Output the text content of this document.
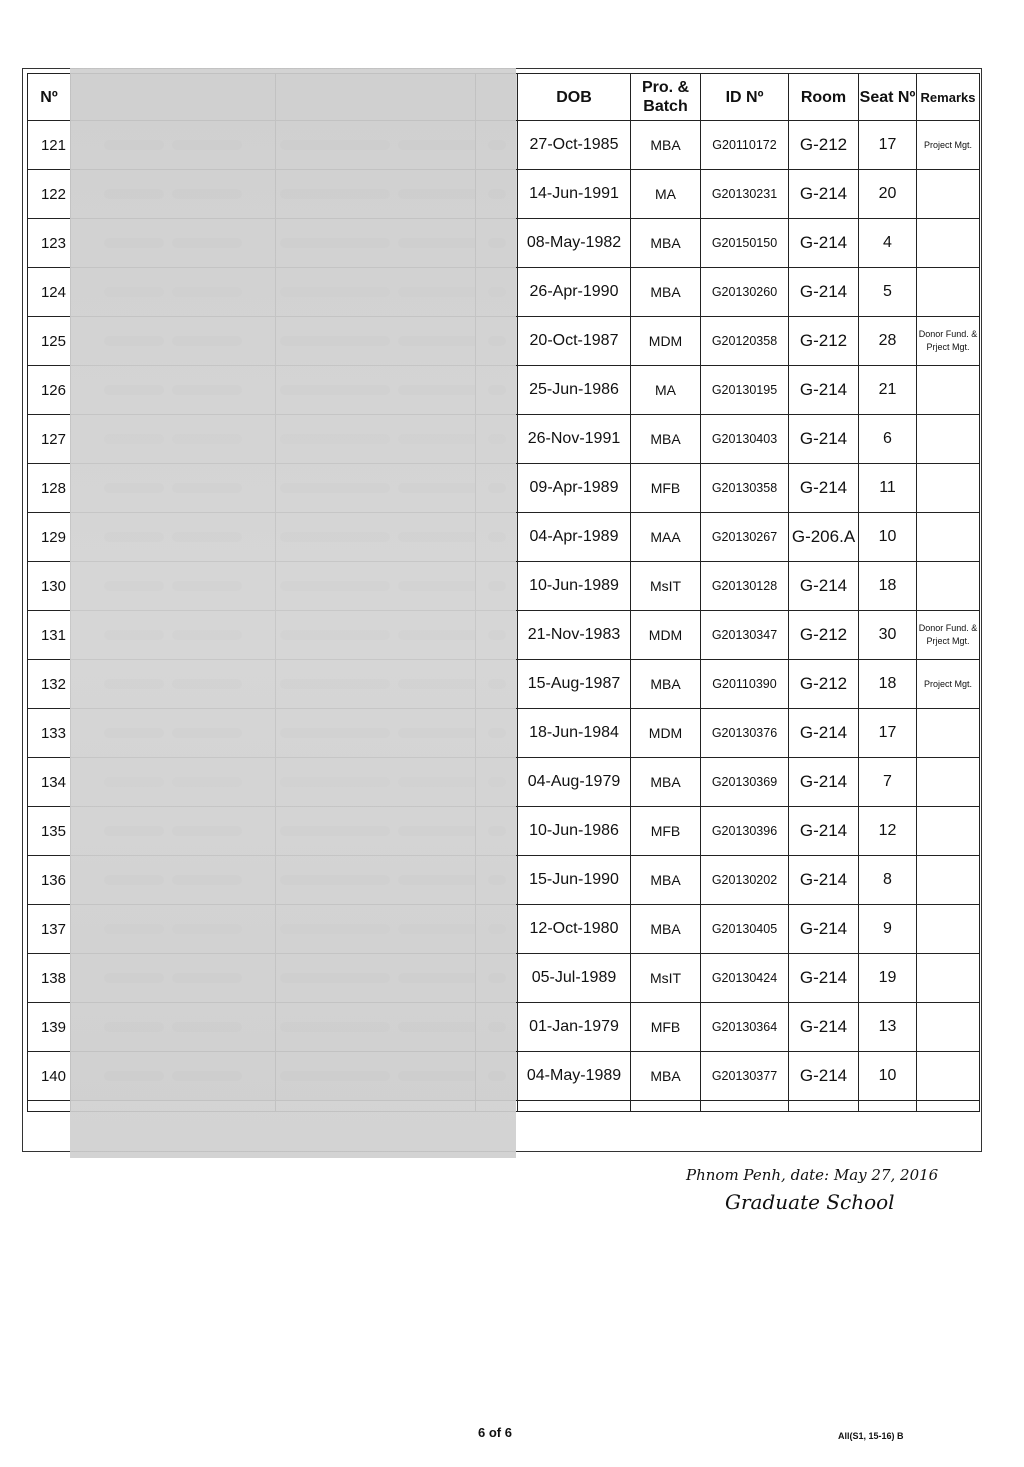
Nº				DOB	Pro. & Batch	ID Nº	Room	Seat Nº	Remarks
121				27-Oct-1985	MBA	G20110172	G-212	17	Project Mgt.
122				14-Jun-1991	MA	G20130231	G-214	20	
123				08-May-1982	MBA	G20150150	G-214	4	
124				26-Apr-1990	MBA	G20130260	G-214	5	
125				20-Oct-1987	MDM	G20120358	G-212	28	Donor Fund. & Prject Mgt.
126				25-Jun-1986	MA	G20130195	G-214	21	
127				26-Nov-1991	MBA	G20130403	G-214	6	
128				09-Apr-1989	MFB	G20130358	G-214	11	
129				04-Apr-1989	MAA	G20130267	G-206.A	10	
130				10-Jun-1989	MsIT	G20130128	G-214	18	
131				21-Nov-1983	MDM	G20130347	G-212	30	Donor Fund. & Prject Mgt.
132				15-Aug-1987	MBA	G20110390	G-212	18	Project Mgt.
133				18-Jun-1984	MDM	G20130376	G-214	17	
134				04-Aug-1979	MBA	G20130369	G-214	7	
135				10-Jun-1986	MFB	G20130396	G-214	12	
136				15-Jun-1990	MBA	G20130202	G-214	8	
137				12-Oct-1980	MBA	G20130405	G-214	9	
138				05-Jul-1989	MsIT	G20130424	G-214	19	
139				01-Jan-1979	MFB	G20130364	G-214	13	
140				04-May-1989	MBA	G20130377	G-214	10	

Phnom Penh, date: May 27, 2016
Graduate School
6 of 6	All(S1, 15-16) B
